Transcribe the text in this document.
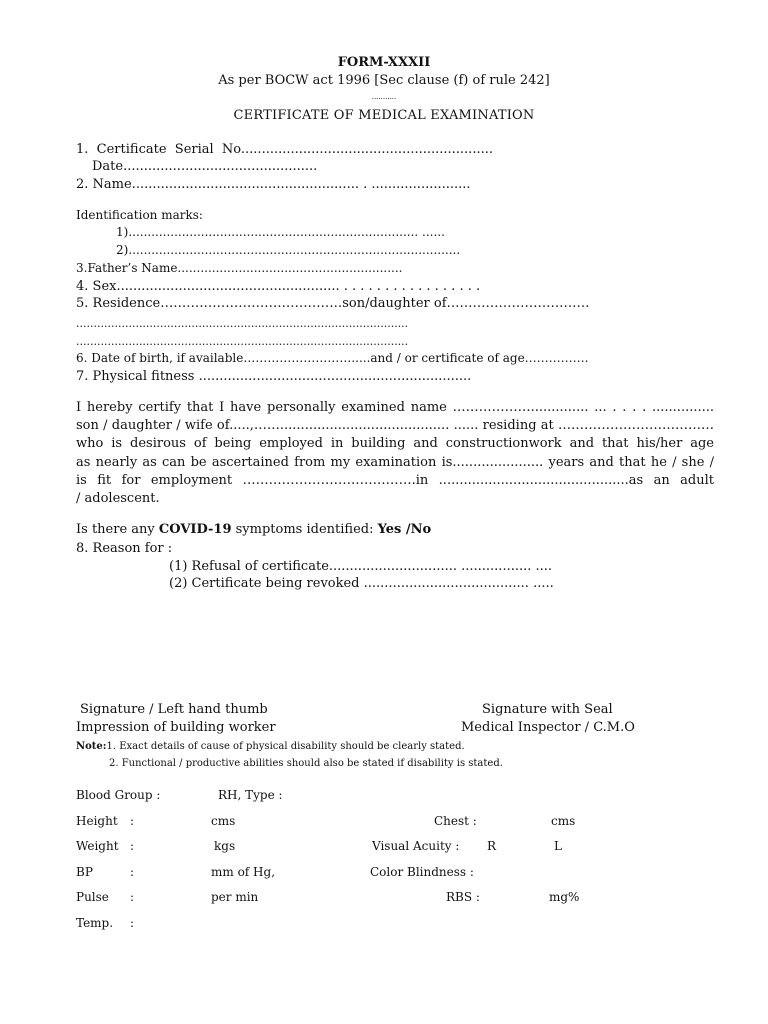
FORM-XXXII
As per BOCW act 1996 [Sec clause (f) of rule 242]
...........
CERTIFICATE OF MEDICAL EXAMINATION
1.  Certificate  Serial  No.............................................................
Date...............................................
2. Name....................................................... . ........................
Identification marks:
1)............................................................................ ......
2).......................................................................................
3.Father’s Name...........................................................
4. Sex...................................................... . . . . . . . . . . . . . . . . .
5. Residence……………………………………son/daughter of……………………………
...............................................................................................
...............................................................................................
6. Date of birth, if available……………………….....and / or certificate of age…………….
7. Physical fitness ..................................................................
I hereby certify that I have personally examined name ……………….............. ... . . . . ...............
son / daughter / wife of.....,……......................................... ...... residing at ………………………………
who is desirous of being employed in building and constructionwork and that his/her age
as nearly as can be ascertained from my examination is...................... years and that he / she /
is fit for employment ………………………………….in ..............................................as an adult
/ adolescent.
Is there any COVID-19 symptoms identified: Yes /No
8. Reason for :
(1) Refusal of certificate............................... ................. ....
(2) Certificate being revoked ........................................ .....
Signature / Left hand thumb
Impression of building worker
Signature with Seal
Medical Inspector / C.M.O
Note:1. Exact details of cause of physical disability should be clearly stated.
2. Functional / productive abilities should also be stated if disability is stated.
Blood Group :	RH, Type :
Height :	cms	Chest :	cms
Weight :	kgs	Visual Acuity : R	L
BP	:	mm of Hg,	Color Blindness :
Pulse :	per min	RBS :	mg%
Temp. :
